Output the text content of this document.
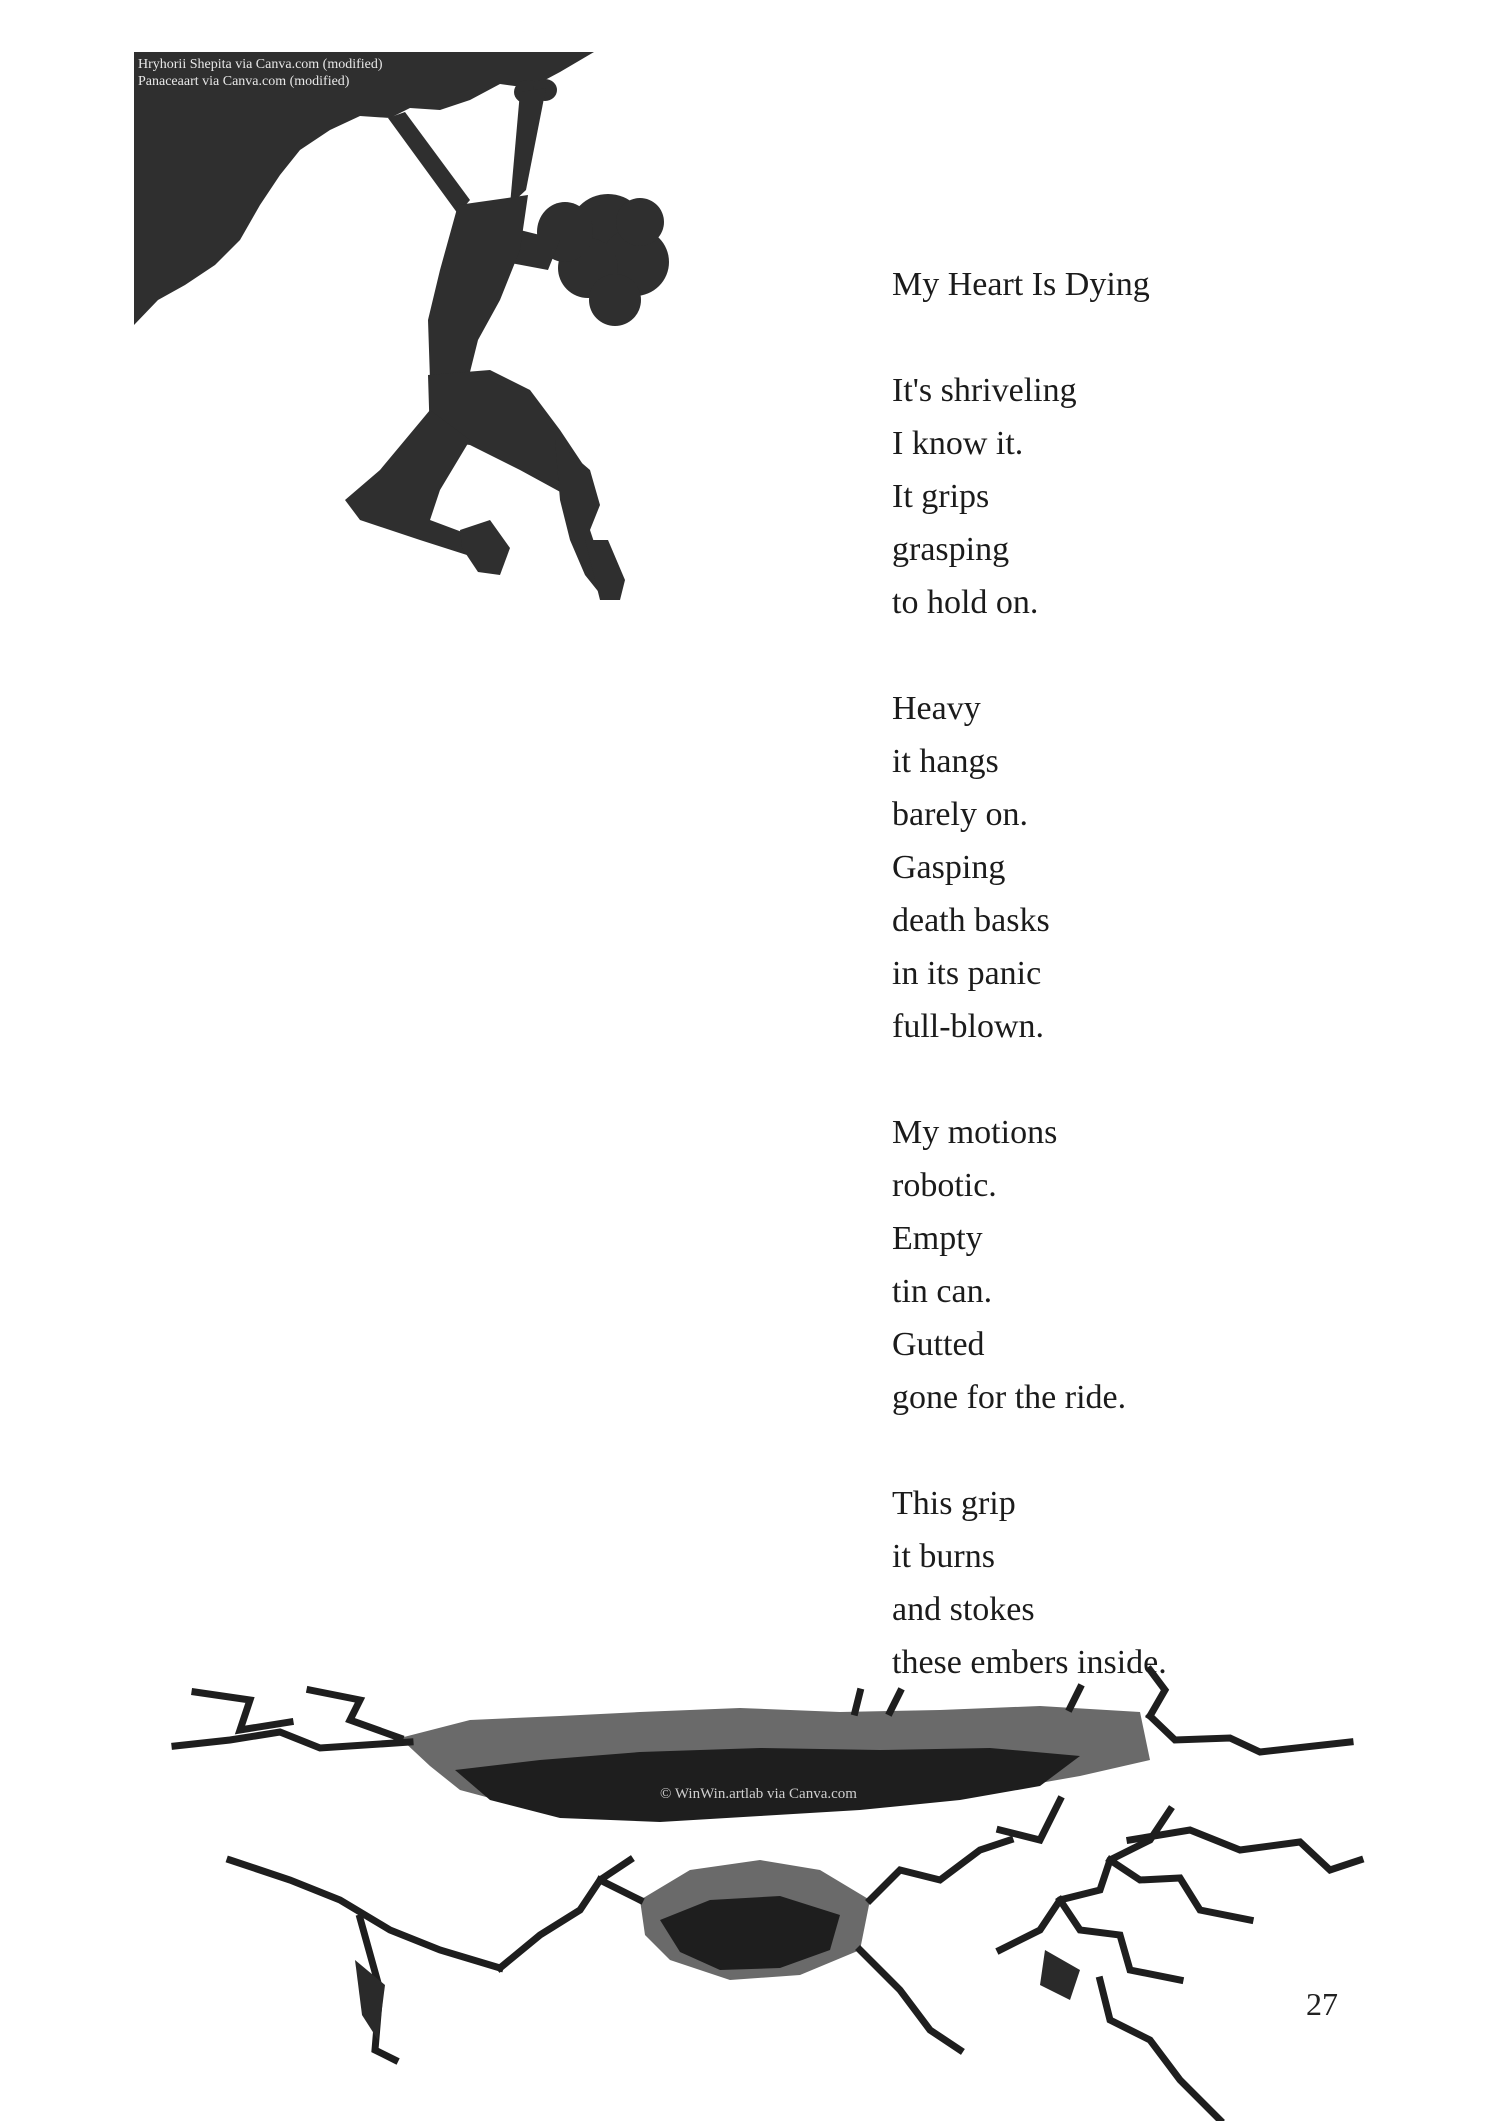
Hryhorii Shepita via Canva.com (modified)
Panaceaart via Canva.com (modified)
My Heart Is Dying
It's shriveling
I know it.
It grips
grasping
to hold on.
Heavy
it hangs
barely on.
Gasping
death basks
in its panic
full-blown.
My motions
robotic.
Empty
tin can.
Gutted
gone for the ride.
This grip
it burns
and stokes
these embers inside.
© WinWin.artlab via Canva.com
27
